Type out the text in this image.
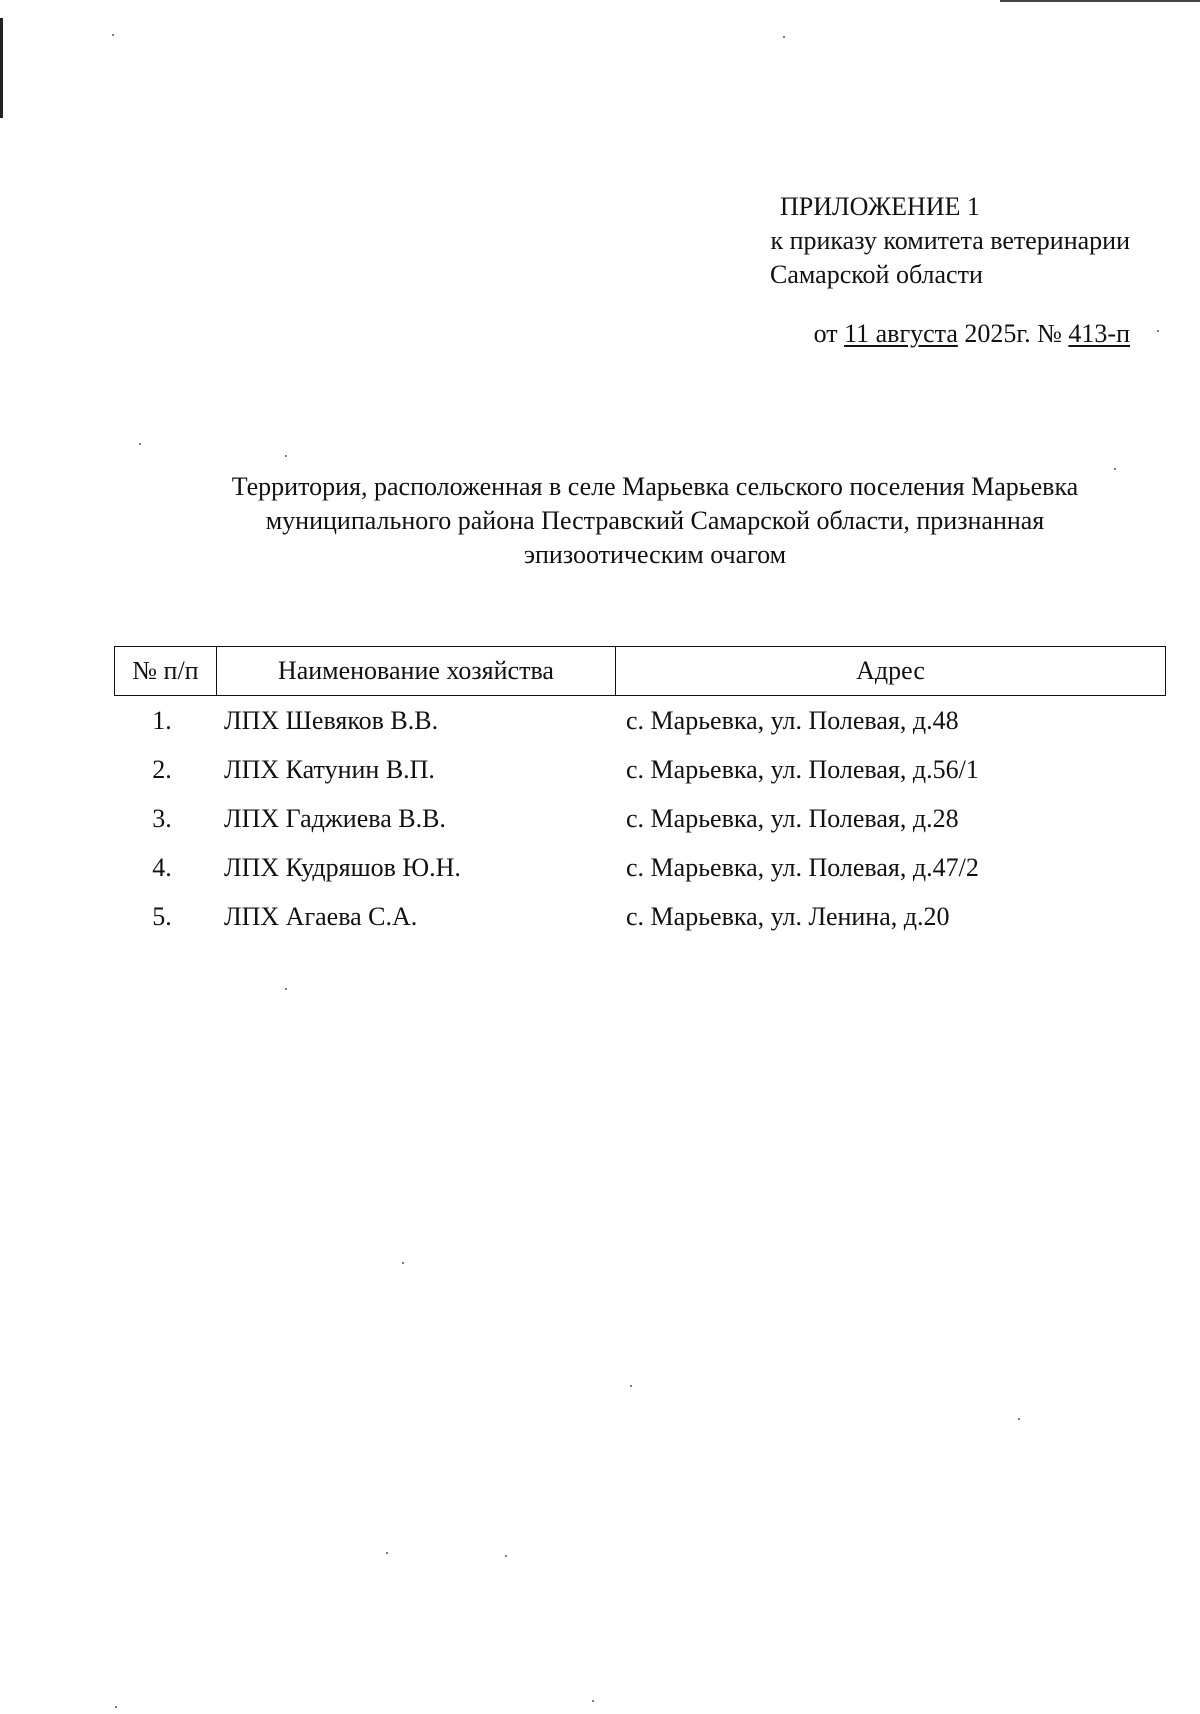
ПРИЛОЖЕНИЕ 1
к приказу комитета ветеринарии
Самарской области
от 11 августа 2025г. № 413-п
Территория, расположенная в селе Марьевка сельского поселения Марьевка
муниципального района Пестравский Самарской области, признанная
эпизоотическим очагом
№ п/п	Наименование хозяйства	Адрес
1.	ЛПХ Шевяков В.В.	с. Марьевка, ул. Полевая, д.48
2.	ЛПХ Катунин В.П.	с. Марьевка, ул. Полевая, д.56/1
3.	ЛПХ Гаджиева В.В.	с. Марьевка, ул. Полевая, д.28
4.	ЛПХ Кудряшов Ю.Н.	с. Марьевка, ул. Полевая, д.47/2
5.	ЛПХ Агаева С.А.	с. Марьевка, ул. Ленина, д.20
